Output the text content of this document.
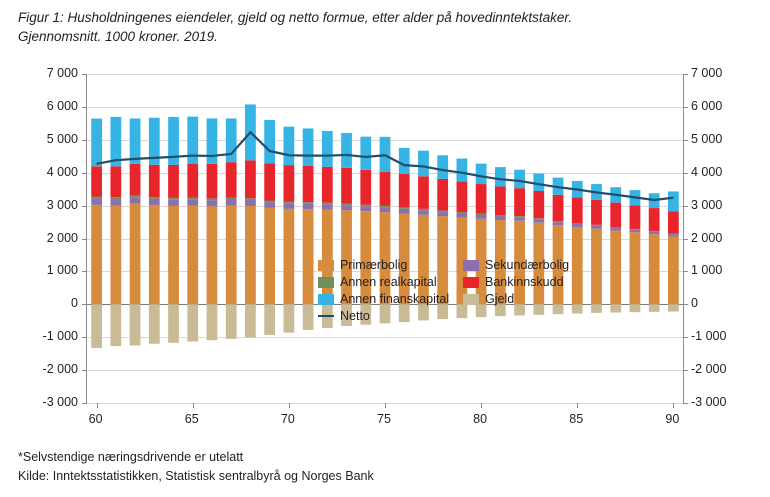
Figur 1: Husholdningenes eiendeler, gjeld og netto formue, etter alder på hovedinntektstaker.
Gjennomsnitt. 1000 kroner. 2019.
7 000	7 000
6 000	6 000
5 000	5 000
4 000	4 000
3 000	3 000
2 000	2 000
1 000	1 000
0	0
-1 000	-1 000
-2 000	-2 000
-3 000	-3 000
60	65	70	75	80	85	90
Primærbolig	Sekundærbolig
Annen realkapital	Bankinnskudd
Annen finanskapital	Gjeld
Netto
*Selvstendige næringsdrivende er utelatt
Kilde: Inntektsstatistikken, Statistisk sentralbyrå og Norges Bank
